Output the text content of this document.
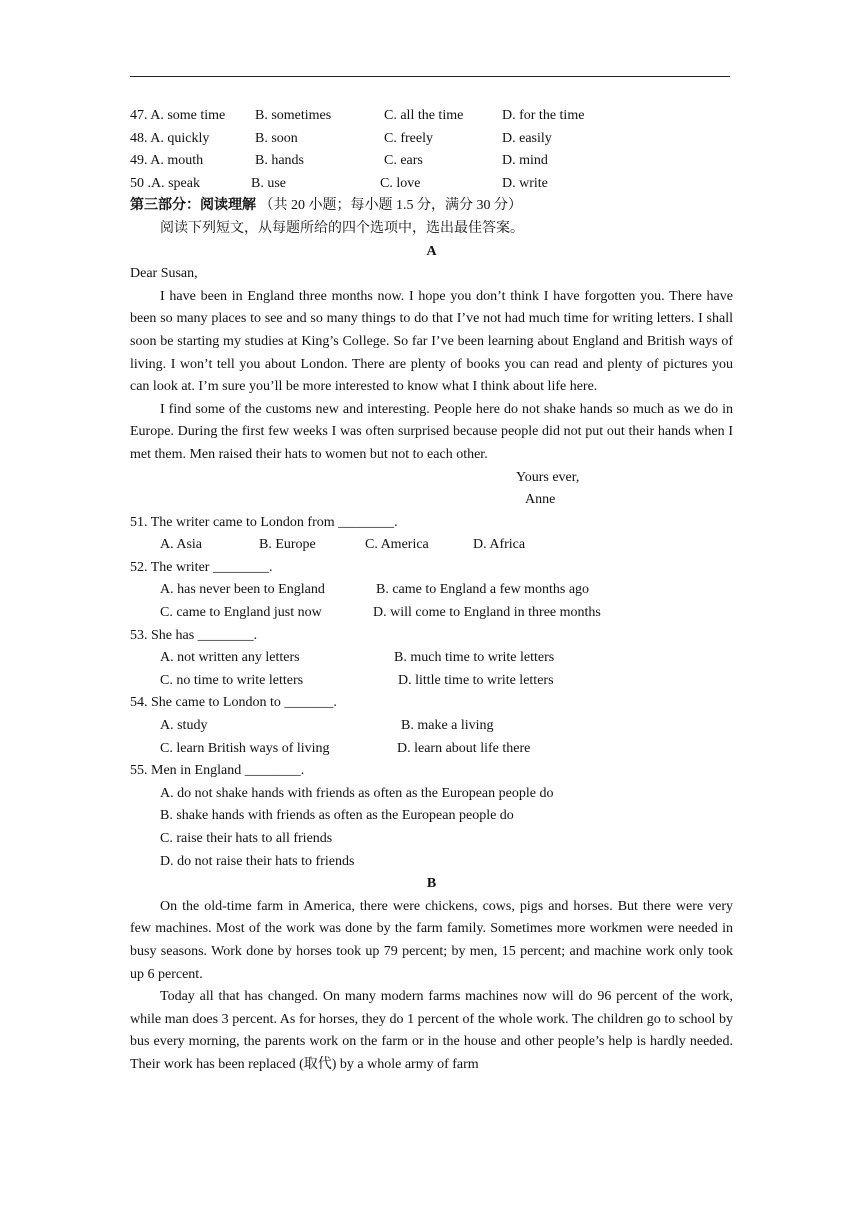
47. A. some time B. sometimes	C. all the time	D. for the time
48. A. quickly	B. soon	C. freely	D. easily
49. A. mouth	B. hands	C. ears	D. mind
50 .A. speak	B. use	C. love	D. write
第三部分：阅读理解 （共 20 小题；每小题 1.5 分，满分 30 分）
阅读下列短文，从每题所给的四个选项中，选出最佳答案。
A
Dear Susan,
I have been in England three months now. I hope you don’t think I have forgotten you. There have been so many places to see and so many things to do that I’ve not had much time for writing letters. I shall soon be starting my studies at King’s College. So far I’ve been learning about England and British ways of living. I won’t tell you about London. There are plenty of books you can read and plenty of pictures you can look at. I’m sure you’ll be more interested to know what I think about life here.
I find some of the customs new and interesting. People here do not shake hands so much as we do in Europe. During the first few weeks I was often surprised because people did not put out their hands when I met them. Men raised their hats to women but not to each other.
Yours ever,
Anne
51. The writer came to London from ________.
A. Asia	B. Europe	C. America	D. Africa
52. The writer ________.
A. has never been to England	B. came to England a few months ago
C. came to England just now	D. will come to England in three months
53. She has ________.
A. not written any letters	B. much time to write letters
C. no time to write letters	D. little time to write letters
54. She came to London to _______.
A. study	B. make a living
C. learn British ways of living	D. learn about life there
55. Men in England ________.
A. do not shake hands with friends as often as the European people do
B. shake hands with friends as often as the European people do
C. raise their hats to all friends
D. do not raise their hats to friends
B
On the old-time farm in America, there were chickens, cows, pigs and horses. But there were very few machines. Most of the work was done by the farm family. Sometimes more workmen were needed in busy seasons. Work done by horses took up 79 percent; by men, 15 percent; and machine work only took up 6 percent.
Today all that has changed. On many modern farms machines now will do 96 percent of the work, while man does 3 percent. As for horses, they do 1 percent of the whole work. The children go to school by bus every morning, the parents work on the farm or in the house and other people’s help is hardly needed. Their work has been replaced (取代) by a whole army of farm
